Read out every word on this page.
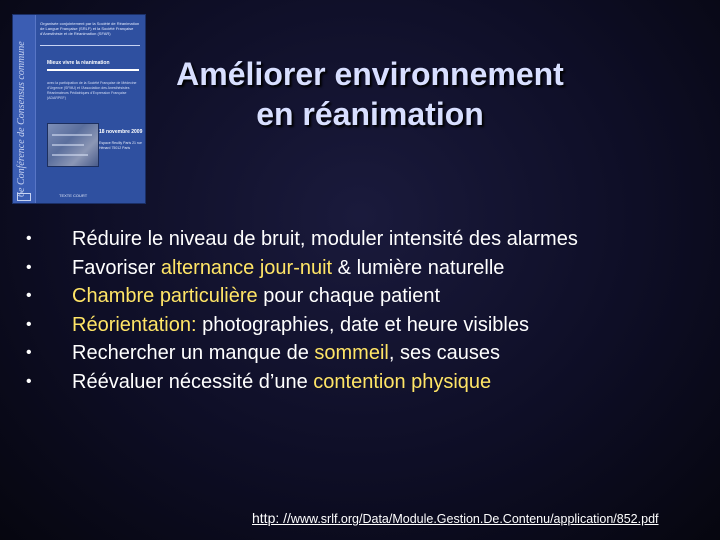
6e Conférence de Consensus commune
Organisée conjointement par la Société de Réanimation de Langue Française (SRLF) et la Société Française d'Anesthésie et de Réanimation (SFAR)
Mieux vivre la réanimation
avec la participation de la Société Française de Médecine d'Urgence (SFMU) et l'Association des Anesthésistes Réanimateurs Pédiatriques d'Expression Française (ADARPEF)
18 novembre 2009
Espace Reuilly Paris 21 rue Hénard 75012 Paris
TEXTE COURT
Améliorer environnement
en réanimation
• Réduire le niveau de bruit, moduler intensité des alarmes
• Favoriser alternance jour-nuit & lumière naturelle
• Chambre particulière pour chaque patient
• Réorientation: photographies, date et heure visibles
• Rechercher un manque de sommeil, ses causes
• Réévaluer nécessité d’une contention physique
http: //www.srlf.org/Data/Module.Gestion.De.Contenu/application/852.pdf
